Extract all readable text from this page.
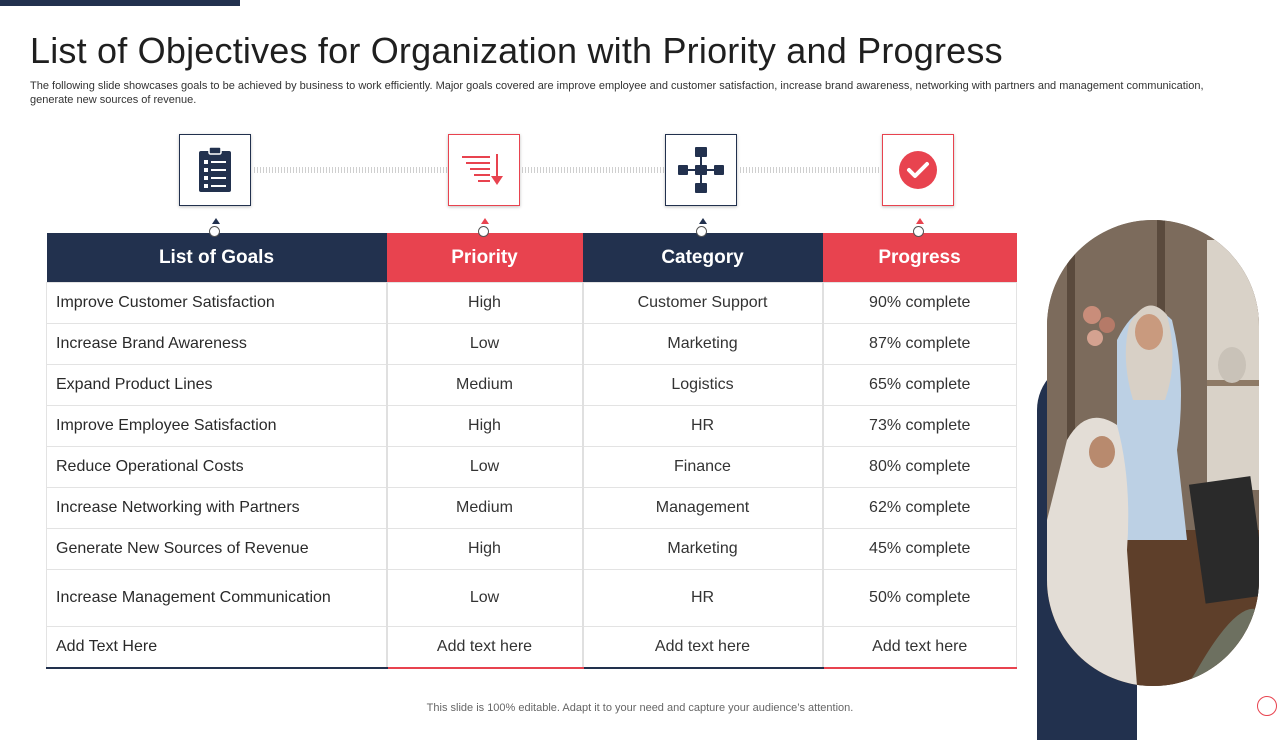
List of Objectives for Organization with Priority and Progress
The following slide showcases goals to be achieved by business to work efficiently. Major goals covered are improve employee and customer satisfaction, increase brand awareness, networking with partners and management communication, generate new sources of revenue.
List of Goals	Priority	Category	Progress
Improve Customer Satisfaction	High	Customer Support	90% complete
Increase Brand Awareness	Low	Marketing	87% complete
Expand Product Lines	Medium	Logistics	65% complete
Improve Employee Satisfaction	High	HR	73% complete
Reduce Operational Costs	Low	Finance	80% complete
Increase Networking with Partners	Medium	Management	62% complete
Generate New Sources of Revenue	High	Marketing	45% complete
Increase Management Communication	Low	HR	50% complete
Add Text Here	Add text here	Add text here	Add text here
This slide is 100% editable. Adapt it to your need and capture your audience’s attention.
